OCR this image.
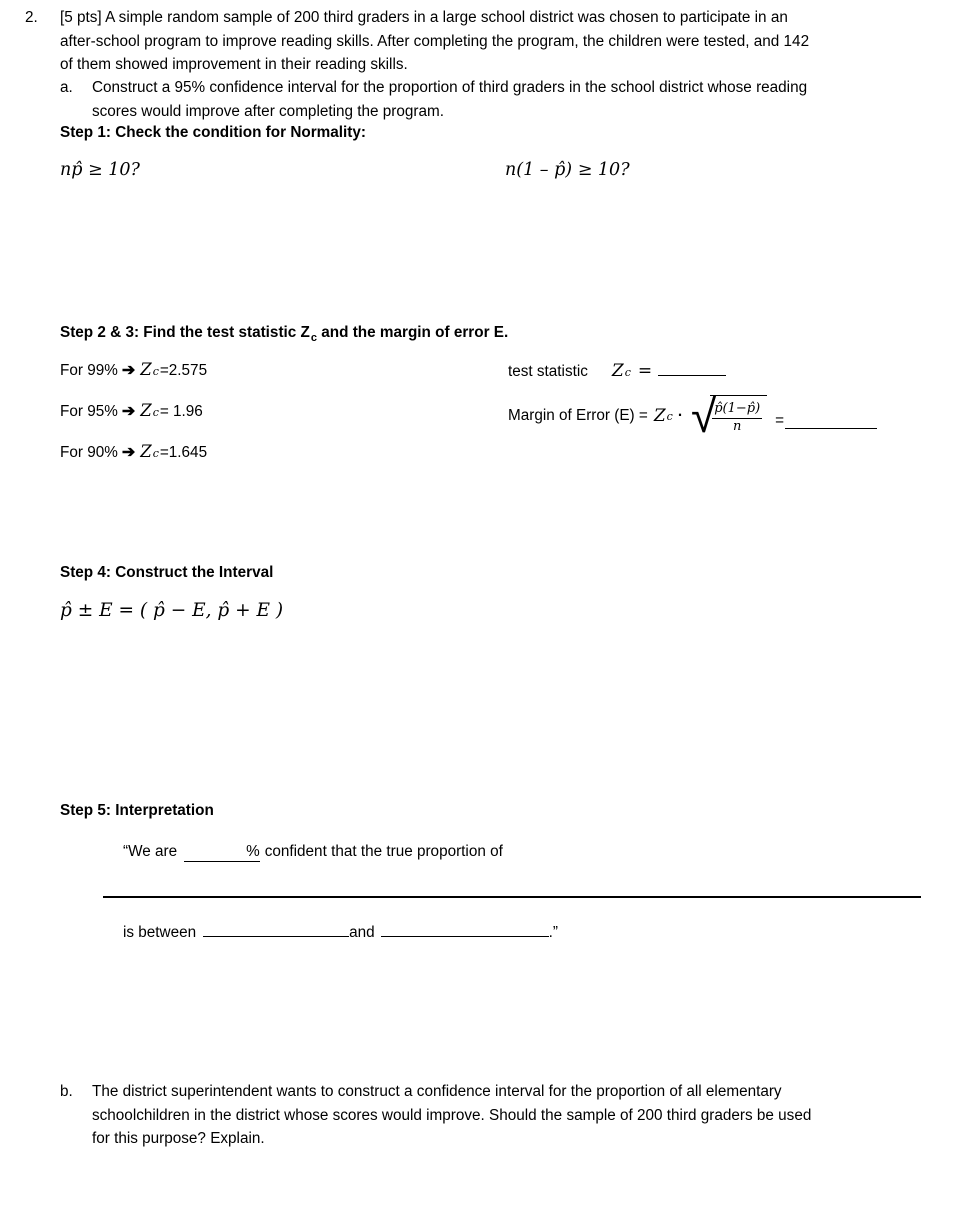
2.	[5 pts] A simple random sample of 200 third graders in a large school district was chosen to participate in an
after-school program to improve reading skills. After completing the program, the children were tested, and 142
of them showed improvement in their reading skills.
a.	Construct a 95% confidence interval for the proportion of third graders in the school district whose reading
scores would improve after completing the program.
Step 1: Check the condition for Normality:
np̂ ≥ 10?	n(1 – p̂) ≥ 10?
Step 2 & 3: Find the test statistic $Z_c$ and the margin of error E.
For 99% ➔ Z c =2.575
For 95% ➔ Z c = 1.96
For 90% ➔ Z c =1.645
test statistic Z c =
Margin of Error (E) = Z c · √
$\frac{p̂(1-p̂)}{n}$ =
Step 4: Construct the Interval
p̂ ± E = ( p̂ − E, p̂ + E )
Step 5: Interpretation
“We are	% confident that the true proportion of
is between	and	.”
b.	The district superintendent wants to construct a confidence interval for the proportion of all elementary
schoolchildren in the district whose scores would improve. Should the sample of 200 third graders be used
for this purpose? Explain.
